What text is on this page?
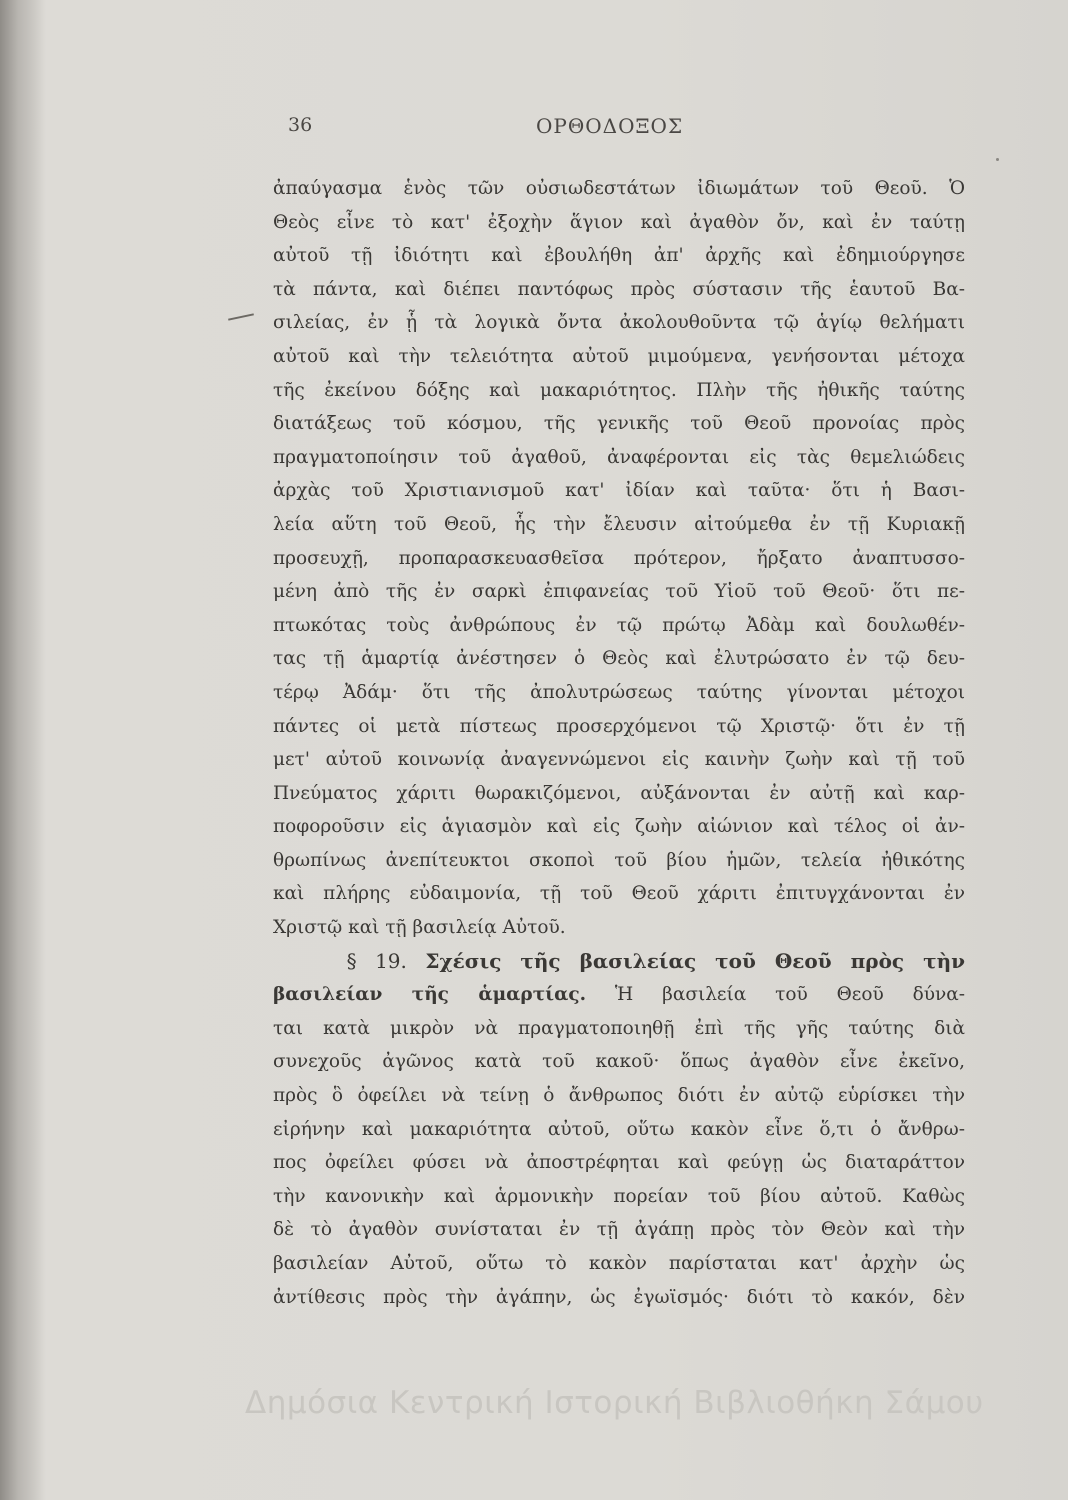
36	ΟΡΘΟΔΟΞΟΣ
ἀπαύγασμα ἑνὸς τῶν οὐσιωδεστάτων ἰδιωμάτων τοῦ Θεοῦ. Ὁ
Θεὸς εἶνε τὸ κατ' ἐξοχὴν ἅγιον καὶ ἀγαθὸν ὄν, καὶ ἐν ταύτῃ
αὐτοῦ τῇ ἰδιότητι καὶ ἐβουλήθη ἀπ' ἀρχῆς καὶ ἐδημιούργησε
τὰ πάντα, καὶ διέπει παντόφως πρὸς σύστασιν τῆς ἑαυτοῦ Βα-
σιλείας, ἐν ᾗ τὰ λογικὰ ὄντα ἀκολουθοῦντα τῷ ἁγίῳ θελήματι
αὐτοῦ καὶ τὴν τελειότητα αὐτοῦ μιμούμενα, γενήσονται μέτοχα
τῆς ἐκείνου δόξης καὶ μακαριότητος. Πλὴν τῆς ἠθικῆς ταύτης
διατάξεως τοῦ κόσμου, τῆς γενικῆς τοῦ Θεοῦ προνοίας πρὸς
πραγματοποίησιν τοῦ ἀγαθοῦ, ἀναφέρονται εἰς τὰς θεμελιώδεις
ἀρχὰς τοῦ Χριστιανισμοῦ κατ' ἰδίαν καὶ ταῦτα· ὅτι ἡ Βασι-
λεία αὕτη τοῦ Θεοῦ, ἧς τὴν ἔλευσιν αἰτούμεθα ἐν τῇ Κυριακῇ
προσευχῇ, προπαρασκευασθεῖσα πρότερον, ἤρξατο ἀναπτυσσο-
μένη ἀπὸ τῆς ἐν σαρκὶ ἐπιφανείας τοῦ Υἱοῦ τοῦ Θεοῦ· ὅτι πε-
πτωκότας τοὺς ἀνθρώπους ἐν τῷ πρώτῳ Ἀδὰμ καὶ δουλωθέν-
τας τῇ ἁμαρτίᾳ ἀνέστησεν ὁ Θεὸς καὶ ἐλυτρώσατο ἐν τῷ δευ-
τέρῳ Ἀδάμ· ὅτι τῆς ἀπολυτρώσεως ταύτης γίνονται μέτοχοι
πάντες οἱ μετὰ πίστεως προσερχόμενοι τῷ Χριστῷ· ὅτι ἐν τῇ
μετ' αὐτοῦ κοινωνίᾳ ἀναγεννώμενοι εἰς καινὴν ζωὴν καὶ τῇ τοῦ
Πνεύματος χάριτι θωρακιζόμενοι, αὐξάνονται ἐν αὐτῇ καὶ καρ-
ποφοροῦσιν εἰς ἁγιασμὸν καὶ εἰς ζωὴν αἰώνιον καὶ τέλος οἱ ἀν-
θρωπίνως ἀνεπίτευκτοι σκοποὶ τοῦ βίου ἡμῶν, τελεία ἠθικότης
καὶ πλήρης εὐδαιμονία, τῇ τοῦ Θεοῦ χάριτι ἐπιτυγχάνονται ἐν
Χριστῷ καὶ τῇ βασιλείᾳ Αὐτοῦ.
§ 19. Σχέσις τῆς βασιλείας τοῦ Θεοῦ πρὸς τὴν
βασιλείαν τῆς ἁμαρτίας. Ἡ βασιλεία τοῦ Θεοῦ δύνα-
ται κατὰ μικρὸν νὰ πραγματοποιηθῇ ἐπὶ τῆς γῆς ταύτης διὰ
συνεχοῦς ἀγῶνος κατὰ τοῦ κακοῦ· ὅπως ἀγαθὸν εἶνε ἐκεῖνο,
πρὸς ὃ ὀφείλει νὰ τείνῃ ὁ ἄνθρωπος διότι ἐν αὐτῷ εὑρίσκει τὴν
εἰρήνην καὶ μακαριότητα αὐτοῦ, οὕτω κακὸν εἶνε ὅ,τι ὁ ἄνθρω-
πος ὀφείλει φύσει νὰ ἀποστρέφηται καὶ φεύγῃ ὡς διαταράττον
τὴν κανονικὴν καὶ ἁρμονικὴν πορείαν τοῦ βίου αὐτοῦ. Καθὼς
δὲ τὸ ἀγαθὸν συνίσταται ἐν τῇ ἀγάπῃ πρὸς τὸν Θεὸν καὶ τὴν
βασιλείαν Αὐτοῦ, οὕτω τὸ κακὸν παρίσταται κατ' ἀρχὴν ὡς
ἀντίθεσις πρὸς τὴν ἀγάπην, ὡς ἐγωϊσμός· διότι τὸ κακόν, δὲν
Δημόσια Κεντρική Ιστορική Βιβλιοθήκη Σάμου
